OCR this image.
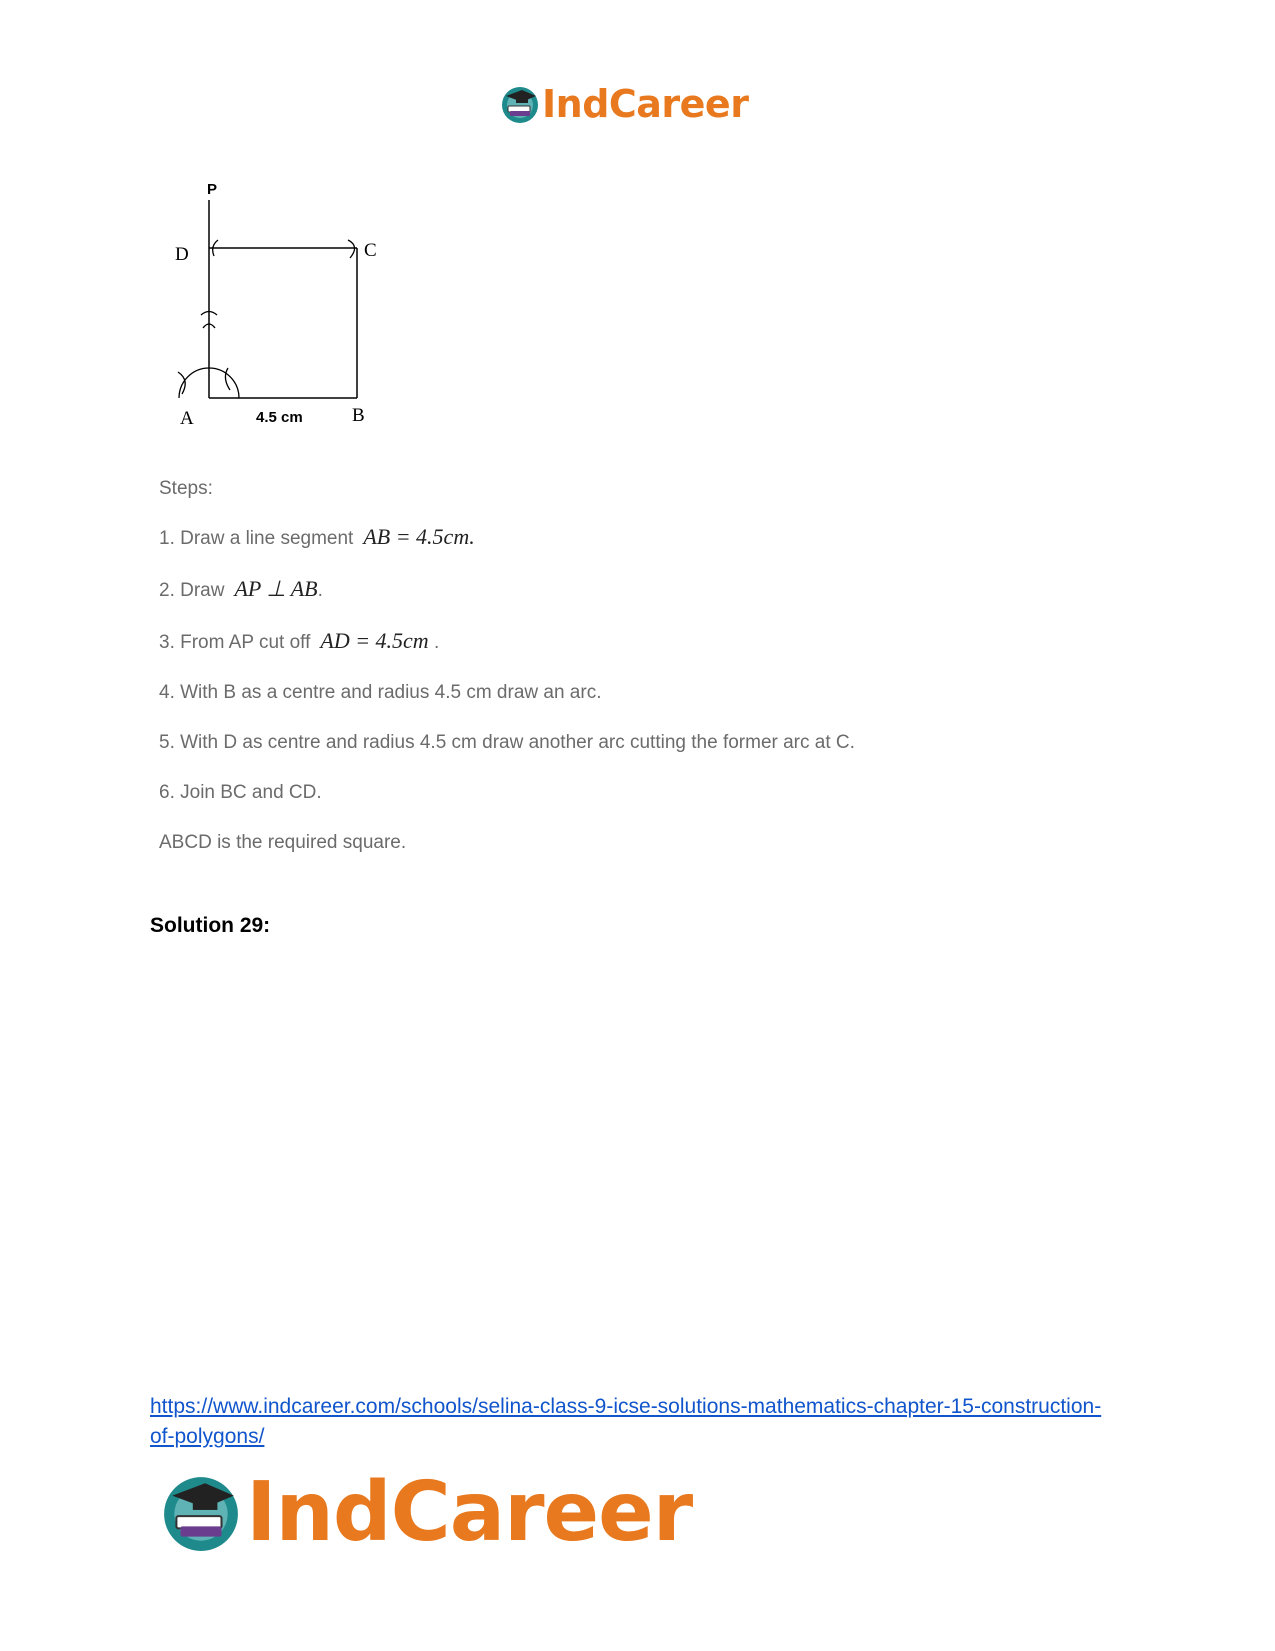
IndCareer
P
D	C
A	B
4.5 cm
Steps:
1. Draw a line segment AB = 4.5cm.
2. Draw AP ⊥ AB.
3. From AP cut off AD = 4.5cm .
4. With B as a centre and radius 4.5 cm draw an arc.
5. With D as centre and radius 4.5 cm draw another arc cutting the former arc at C.
6. Join BC and CD.
ABCD is the required square.
Solution 29:
https://www.indcareer.com/schools/selina-class-9-icse-solutions-mathematics-chapter-15-construction-of-polygons/
IndCareer
